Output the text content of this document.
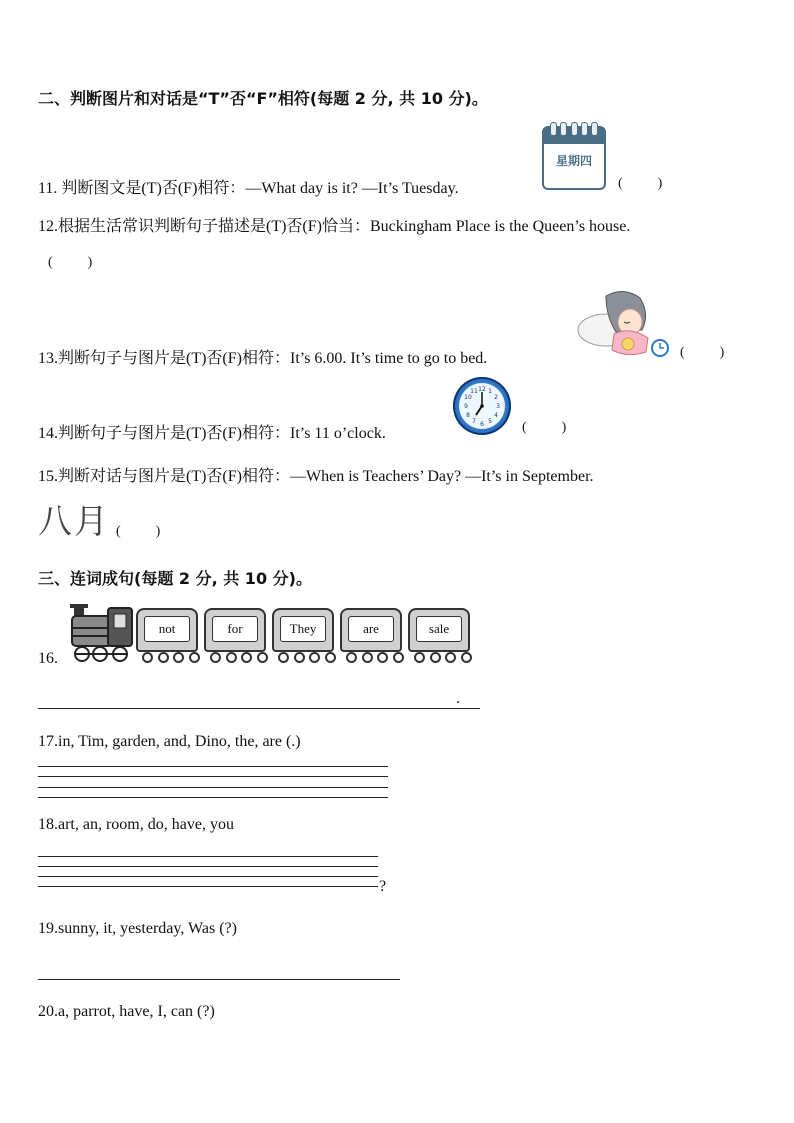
二、判断图片和对话是“T”否“F”相符(每题 2 分, 共 10 分)。
11. 判断图文是(T)否(F)相符：—What day is it? —It’s Tuesday.
星期四
(          )
12.根据生活常识判断句子描述是(T)否(F)恰当：Buckingham Place is the Queen’s house.
(          )
13.判断句子与图片是(T)否(F)相符：It’s 6.00. It’s time to go to bed.	(          )
14.判断句子与图片是(T)否(F)相符：It’s 11 o’clock.
12 1
2
3
4
5
6
7
8
9
10
11
(          )
15.判断对话与图片是(T)否(F)相符：—When is Teachers’ Day? —It’s in September.
八月 (          )
三、连词成句(每题 2 分, 共 10 分)。
16.
not	for	They	are	sale
.
17.in, Tim, garden, and, Dino, the, are (.)
18.art, an, room, do, have, you
?
19.sunny, it, yesterday, Was (?)
20.a, parrot, have, I, can (?)
